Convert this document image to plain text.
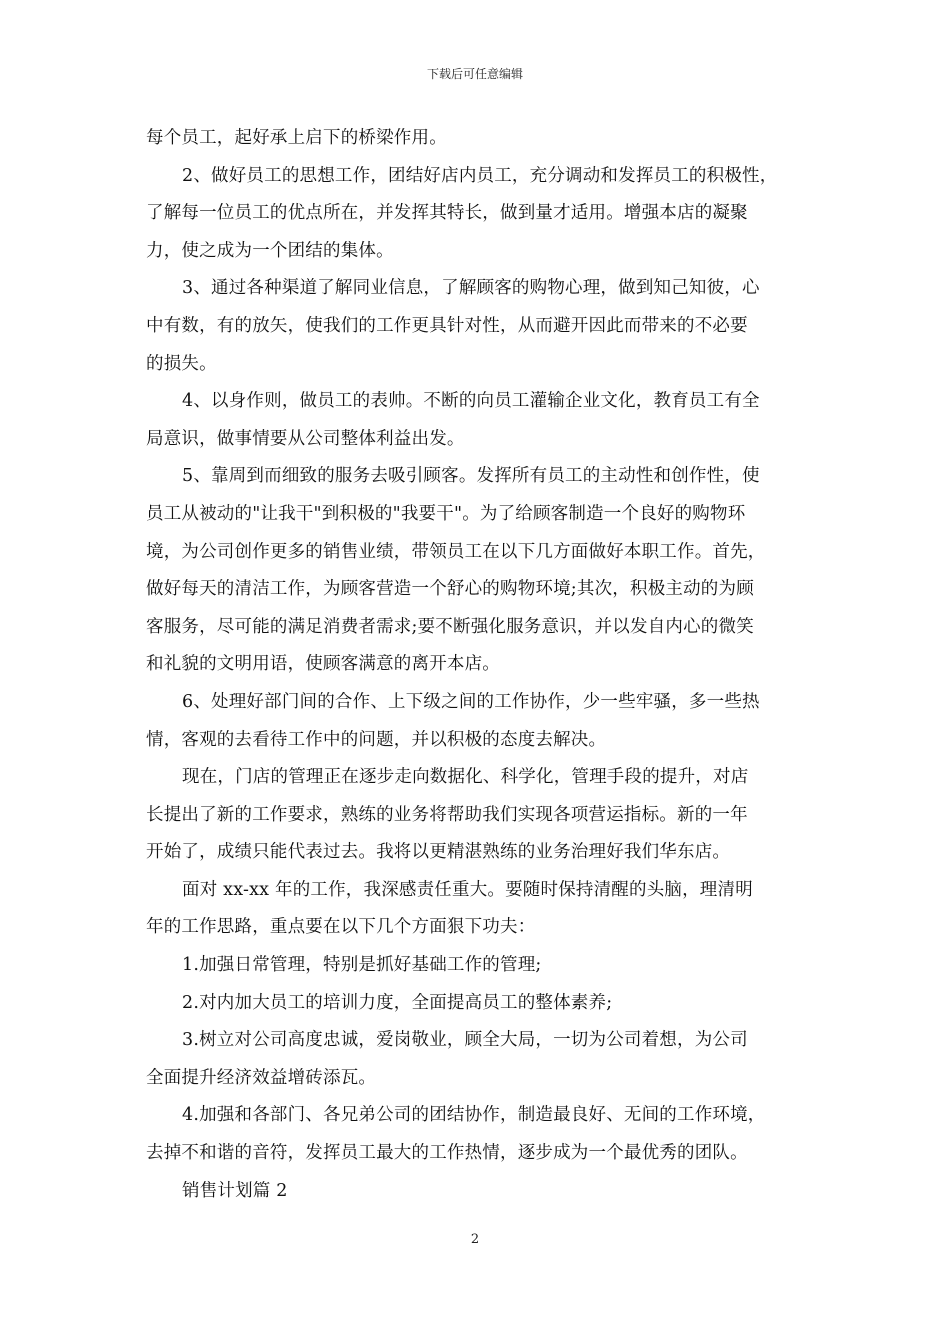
下载后可任意编辑
每个员工，起好承上启下的桥梁作用。
2、做好员工的思想工作，团结好店内员工，充分调动和发挥员工的积极性，
了解每一位员工的优点所在，并发挥其特长，做到量才适用。增强本店的凝聚
力，使之成为一个团结的集体。
3、通过各种渠道了解同业信息，了解顾客的购物心理，做到知己知彼，心
中有数，有的放矢，使我们的工作更具针对性，从而避开因此而带来的不必要
的损失。
4、以身作则，做员工的表帅。不断的向员工灌输企业文化，教育员工有全
局意识，做事情要从公司整体利益出发。
5、靠周到而细致的服务去吸引顾客。发挥所有员工的主动性和创作性，使
员工从被动的"让我干"到积极的"我要干"。为了给顾客制造一个良好的购物环
境，为公司创作更多的销售业绩，带领员工在以下几方面做好本职工作。首先，
做好每天的清洁工作，为顾客营造一个舒心的购物环境;其次，积极主动的为顾
客服务，尽可能的满足消费者需求;要不断强化服务意识，并以发自内心的微笑
和礼貌的文明用语，使顾客满意的离开本店。
6、处理好部门间的合作、上下级之间的工作协作，少一些牢骚，多一些热
情，客观的去看待工作中的问题，并以积极的态度去解决。
现在，门店的管理正在逐步走向数据化、科学化，管理手段的提升，对店
长提出了新的工作要求，熟练的业务将帮助我们实现各项营运指标。新的一年
开始了，成绩只能代表过去。我将以更精湛熟练的业务治理好我们华东店。
面对 xx-xx 年的工作，我深感责任重大。要随时保持清醒的头脑，理清明
年的工作思路，重点要在以下几个方面狠下功夫：
1.加强日常管理，特别是抓好基础工作的管理;
2.对内加大员工的培训力度，全面提高员工的整体素养;
3.树立对公司高度忠诚，爱岗敬业，顾全大局，一切为公司着想，为公司
全面提升经济效益增砖添瓦。
4.加强和各部门、各兄弟公司的团结协作，制造最良好、无间的工作环境，
去掉不和谐的音符，发挥员工最大的工作热情，逐步成为一个最优秀的团队。
销售计划篇 2
2
